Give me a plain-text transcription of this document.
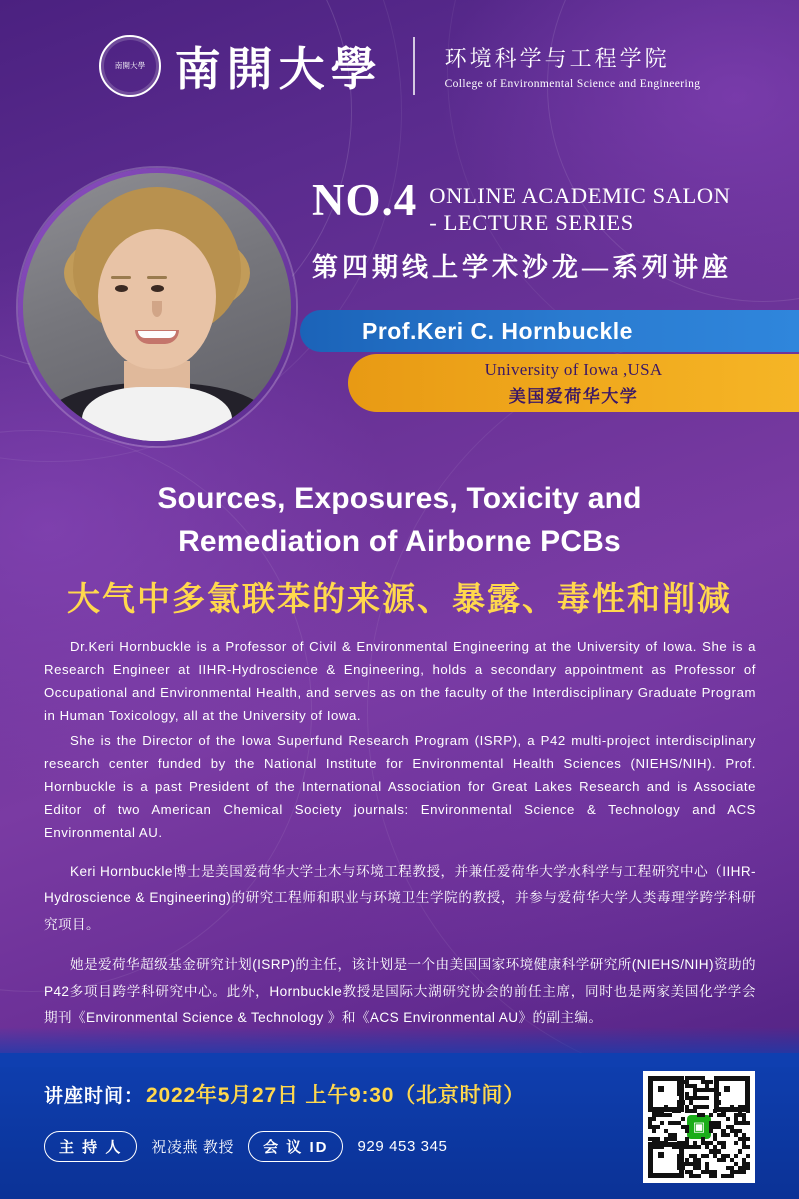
南開大學 南開大學	环境科学与工程学院
College of Environmental Science and Engineering
NO.4 ONLINE ACADEMIC SALON
- LECTURE SERIES
第四期线上学术沙龙—系列讲座
Prof.Keri C. Hornbuckle
University of Iowa ,USA
美国爱荷华大学
Sources, Exposures, Toxicity and
Remediation of Airborne PCBs
大气中多氯联苯的来源、暴露、毒性和削减

Dr.Keri Hornbuckle is a Professor of Civil & Environmental Engineering at the University of Iowa. She is a Research Engineer at IIHR-Hydroscience & Engineering, holds a secondary appointment as Professor of Occupational and Environmental Health, and serves as on the faculty of the Interdisciplinary Graduate Program in Human Toxicology, all at the University of Iowa.

She is the Director of the Iowa Superfund Research Program (ISRP), a P42 multi-project interdisciplinary research center funded by the National Institute for Environmental Health Sciences (NIEHS/NIH). Prof. Hornbuckle is a past President of the International Association for Great Lakes Research and is Associate Editor of two American Chemical Society journals: Environmental Science & Technology and ACS Environmental AU.

Keri Hornbuckle博士是美国爱荷华大学土木与环境工程教授，并兼任爱荷华大学水科学与工程研究中心（IIHR-Hydroscience & Engineering)的研究工程师和职业与环境卫生学院的教授，并参与爱荷华大学人类毒理学跨学科研究项目。

她是爱荷华超级基金研究计划(ISRP)的主任，该计划是一个由美国国家环境健康科学研究所(NIEHS/NIH)资助的P42多项目跨学科研究中心。此外，Hornbuckle教授是国际大湖研究协会的前任主席，同时也是两家美国化学学会期刊《Environmental Science & Technology 》和《ACS Environmental AU》的副主编。

讲座时间： 2022年5月27日 上午9:30（北京时间）
主 持 人	祝凌燕 教授	会 议 ID	929 453 345
▣
